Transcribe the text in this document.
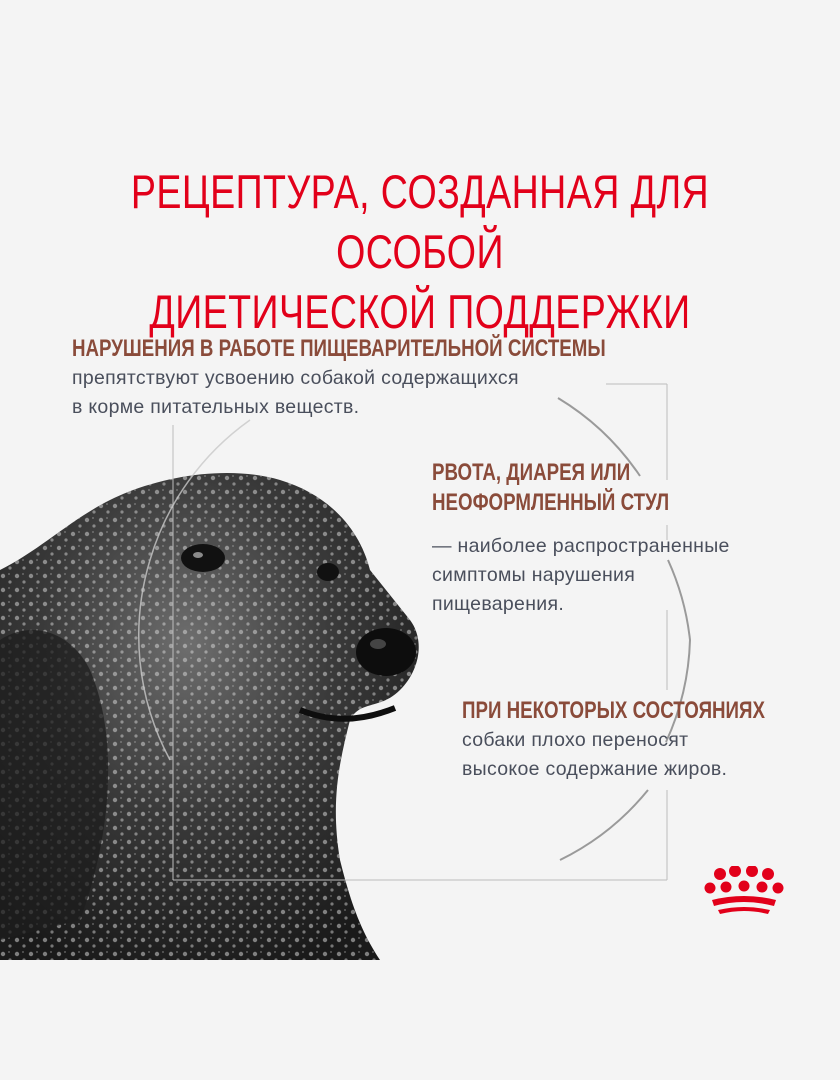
РЕЦЕПТУРА, СОЗДАННАЯ ДЛЯ ОСОБОЙ
ДИЕТИЧЕСКОЙ ПОДДЕРЖКИ
НАРУШЕНИЯ В РАБОТЕ ПИЩЕВАРИТЕЛЬНОЙ СИСТЕМЫ
препятствуют усвоению собакой содержащихся
в корме питательных веществ.
РВОТА, ДИАРЕЯ ИЛИ
НЕОФОРМЛЕННЫЙ СТУЛ
— наиболее распространенные
симптомы нарушения
пищеварения.
ПРИ НЕКОТОРЫХ СОСТОЯНИЯХ
собаки плохо переносят
высокое содержание жиров.
